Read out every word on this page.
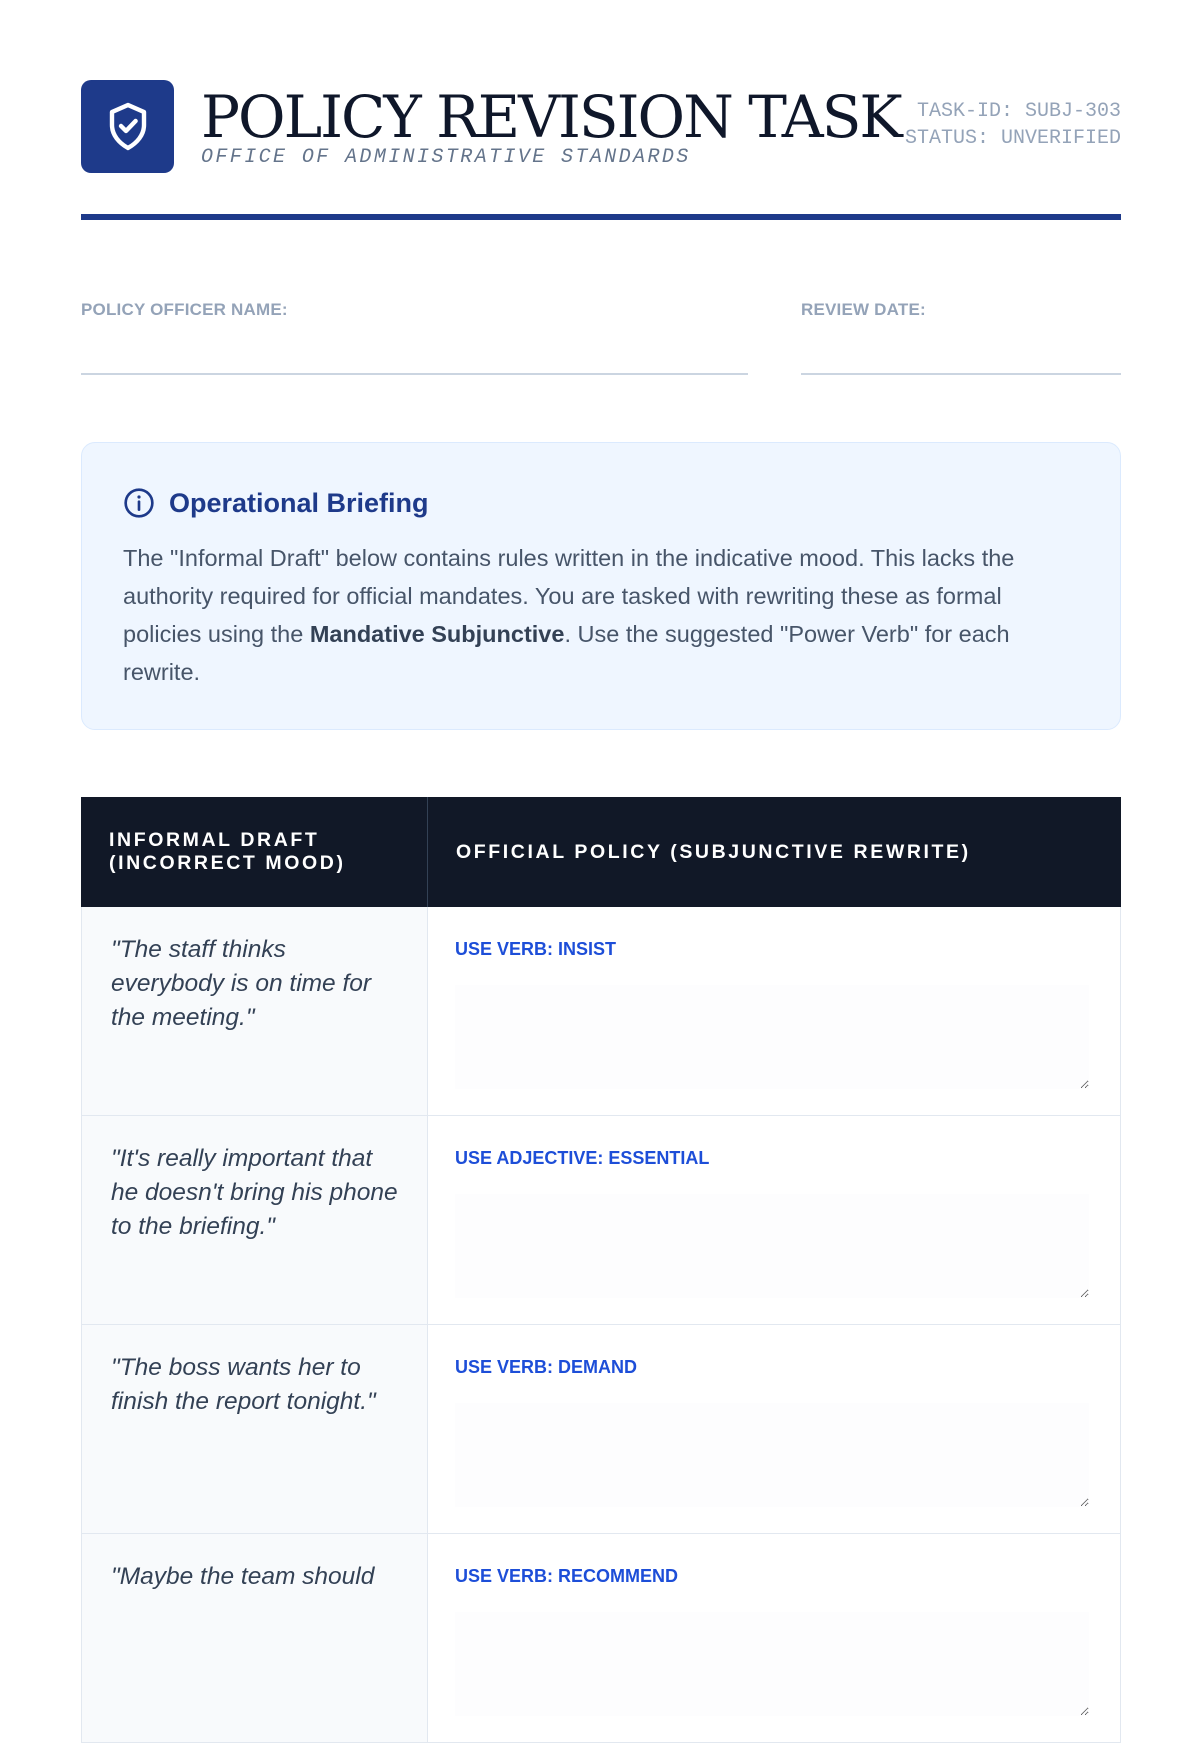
POLICY REVISION TASK
OFFICE OF ADMINISTRATIVE STANDARDS
TASK-ID: SUBJ-303
STATUS: UNVERIFIED
POLICY OFFICER NAME:	REVIEW DATE:
Operational Briefing
The "Informal Draft" below contains rules written in the indicative mood. This lacks the authority required for official mandates. You are tasked with rewriting these as formal policies using the Mandative Subjunctive. Use the suggested "Power Verb" for each rewrite.
INFORMAL DRAFT
(INCORRECT MOOD)
OFFICIAL POLICY (SUBJUNCTIVE REWRITE)
"The staff thinks everybody is on time for the meeting."
USE VERB: INSIST
"It's really important that he doesn't bring his phone to the briefing."
USE ADJECTIVE: ESSENTIAL
"The boss wants her to finish the report tonight."
USE VERB: DEMAND
"Maybe the team should	USE VERB: RECOMMEND
